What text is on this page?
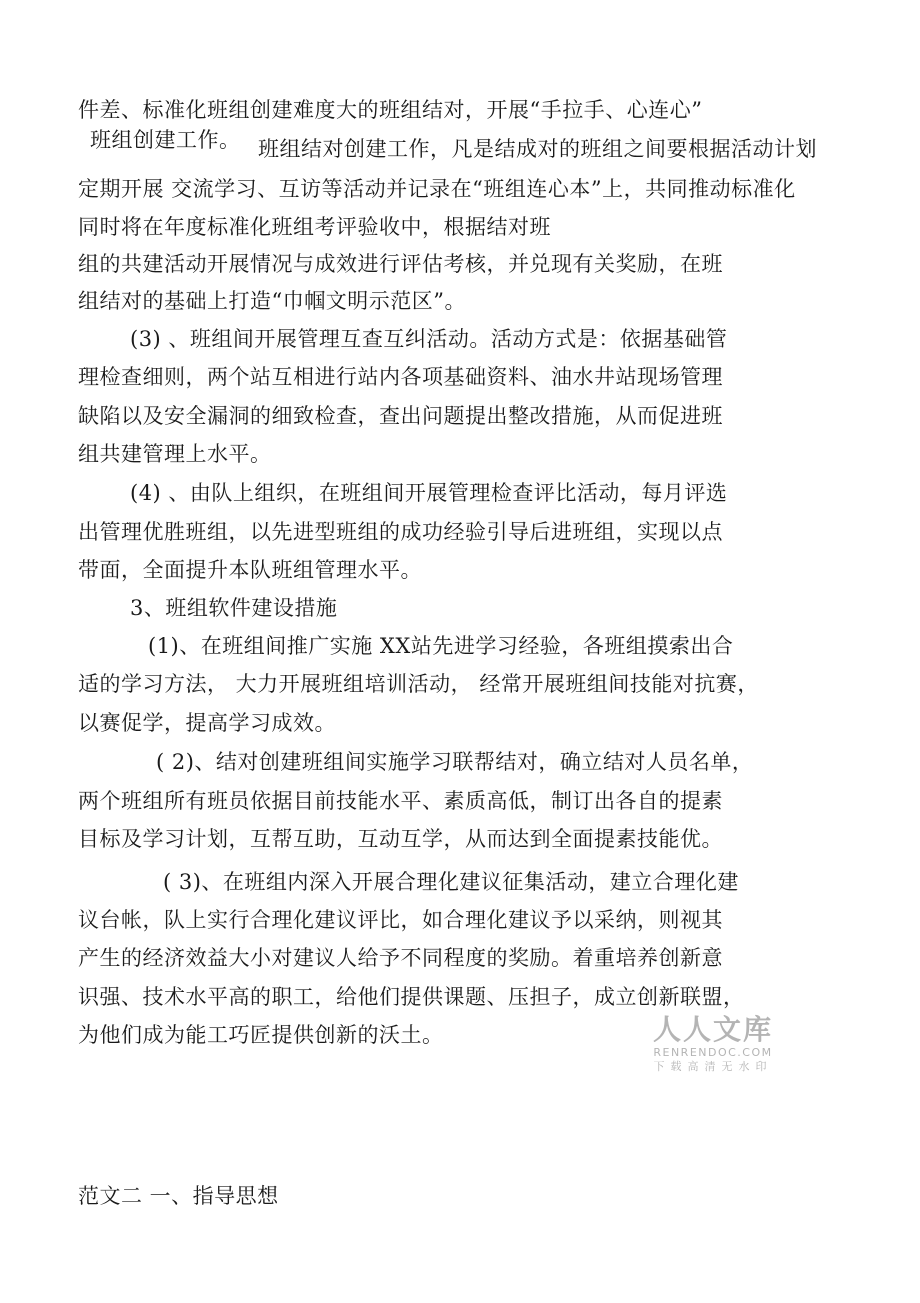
件差、标准化班组创建难度大的班组结对，开展“手拉手、心连心”
班组创建工作。 班组结对创建工作，凡是结成对的班组之间要根据活动计划
定期开展 交流学习、互访等活动并记录在“班组连心本”上，共同推动标准化
同时将在年度标准化班组考评验收中，根据结对班
组的共建活动开展情况与成效进行评估考核，并兑现有关奖励，在班
组结对的基础上打造“巾帼文明示范区”。
(3) 、班组间开展管理互查互纠活动。活动方式是：依据基础管
理检查细则，两个站互相进行站内各项基础资料、油水井站现场管理
缺陷以及安全漏洞的细致检查，查出问题提出整改措施，从而促进班
组共建管理上水平。
(4) 、由队上组织，在班组间开展管理检查评比活动，每月评选
出管理优胜班组，以先进型班组的成功经验引导后进班组，实现以点
带面，全面提升本队班组管理水平。
3、班组软件建设措施
(1)、在班组间推广实施 XX站先进学习经验，各班组摸索出合
适的学习方法， 大力开展班组培训活动， 经常开展班组间技能对抗赛，
以赛促学，提高学习成效。
( 2)、结对创建班组间实施学习联帮结对，确立结对人员名单，
两个班组所有班员依据目前技能水平、素质高低，制订出各自的提素
目标及学习计划，互帮互助，互动互学，从而达到全面提素技能优。
( 3)、在班组内深入开展合理化建议征集活动，建立合理化建
议台帐，队上实行合理化建议评比，如合理化建议予以采纳，则视其
产生的经济效益大小对建议人给予不同程度的奖励。着重培养创新意
识强、技术水平高的职工，给他们提供课题、压担子，成立创新联盟，
为他们成为能工巧匠提供创新的沃土。
范文二 一、指导思想
人人文库
RENRENDOC.COM
下载高清无水印
